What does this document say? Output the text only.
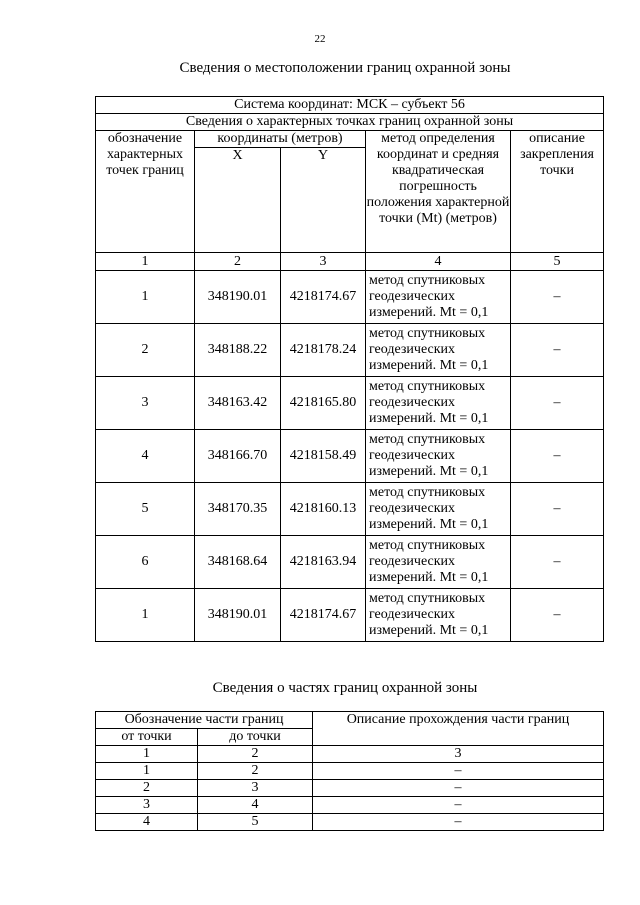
22
Сведения о местоположении границ охранной зоны
Система координат: МСК – субъект 56				
Сведения о характерных точках границ охранной зоны				
обозначение характерных точек границ	координаты (метров)		метод определения координат и средняя квадратическая погрешность положения характерной точки (Mt) (метров)	описание закрепления точки
	X	Y		
1	2	3	4	5
1	348190.01	4218174.67	метод спутниковых геодезических измерений. Mt = 0,1	–
2	348188.22	4218178.24	метод спутниковых геодезических измерений. Mt = 0,1	–
3	348163.42	4218165.80	метод спутниковых геодезических измерений. Mt = 0,1	–
4	348166.70	4218158.49	метод спутниковых геодезических измерений. Mt = 0,1	–
5	348170.35	4218160.13	метод спутниковых геодезических измерений. Mt = 0,1	–
6	348168.64	4218163.94	метод спутниковых геодезических измерений. Mt = 0,1	–
1	348190.01	4218174.67	метод спутниковых геодезических измерений. Mt = 0,1	–
Сведения о частях границ охранной зоны
Обозначение части границ		Описание прохождения части границ
от точки	до точки	
1	2	3
1	2	–
2	3	–
3	4	–
4	5	–
